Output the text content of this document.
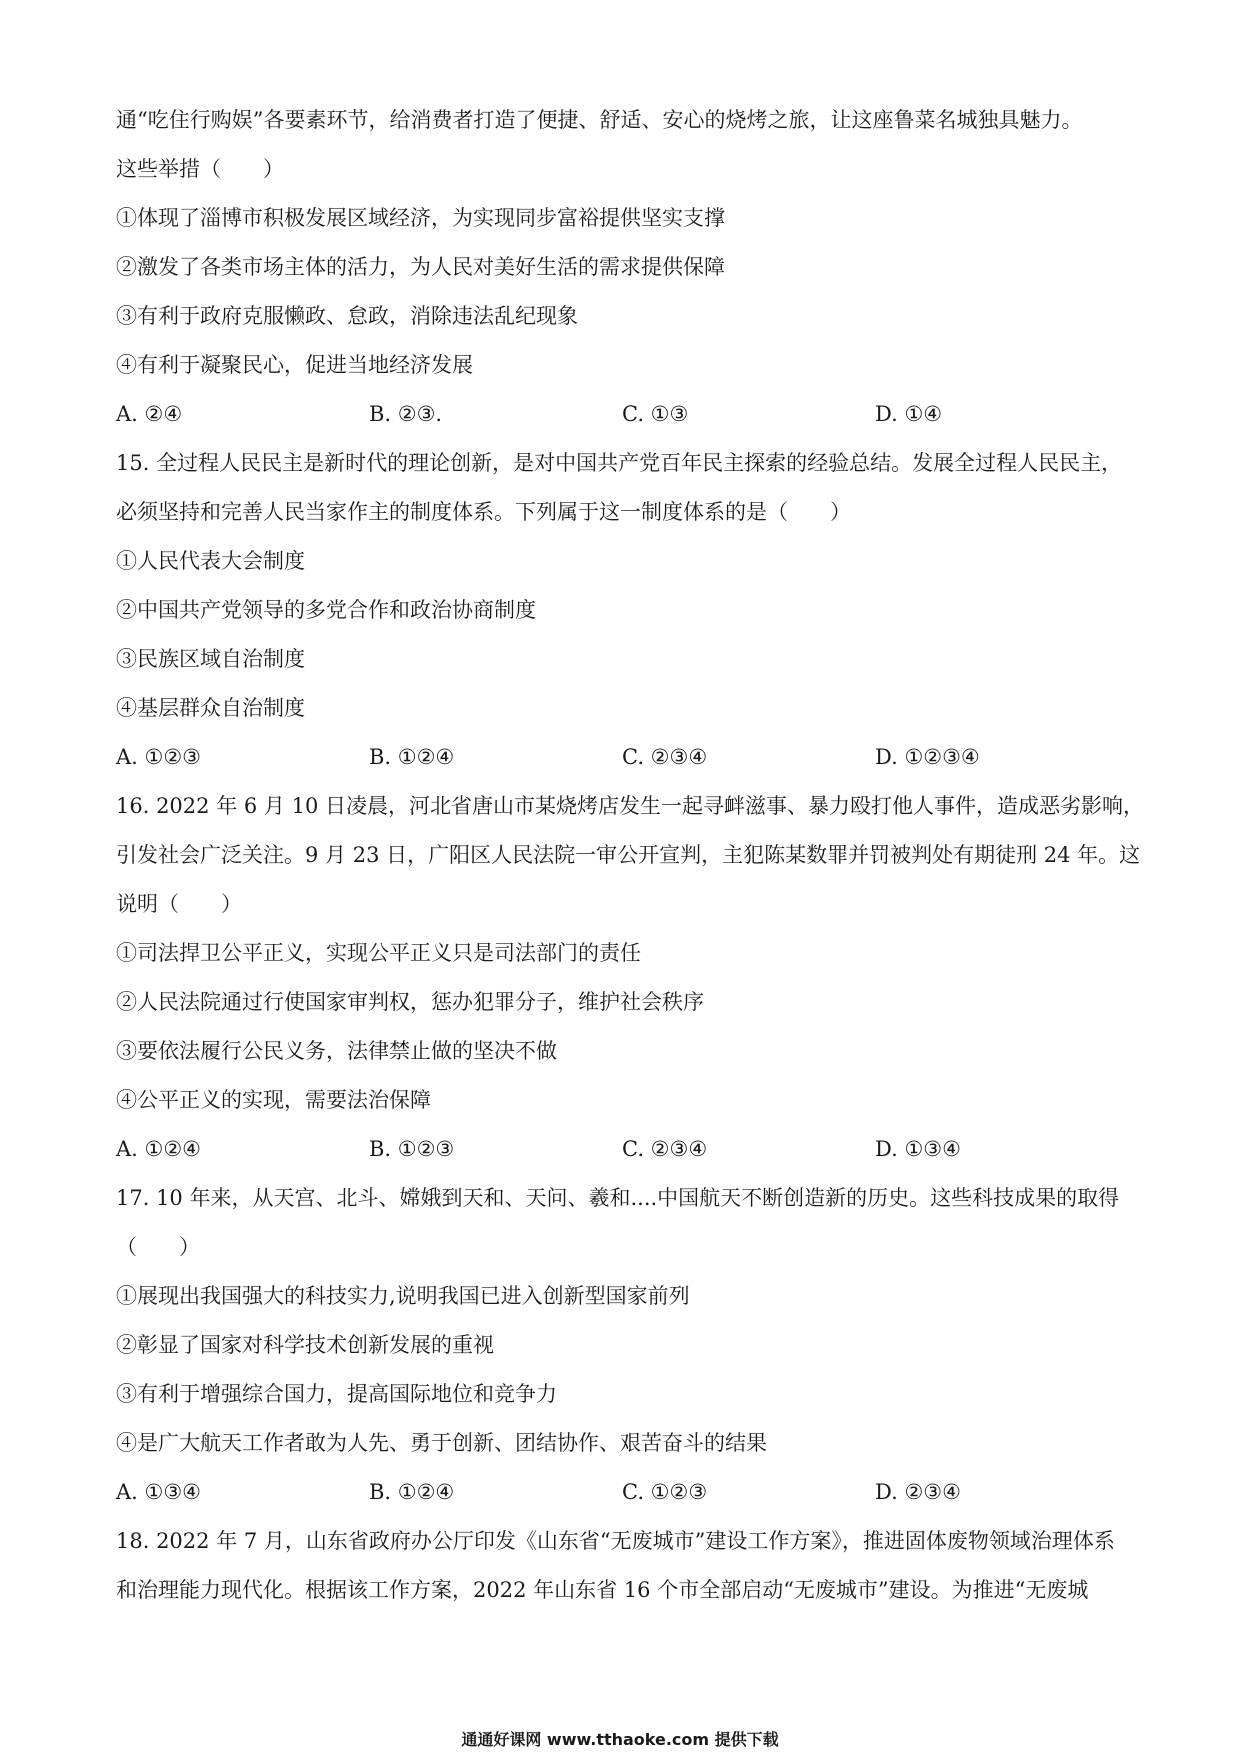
通“吃住行购娱”各要素环节，给消费者打造了便捷、舒适、安心的烧烤之旅，让这座鲁菜名城独具魅力。
这些举措（　　）
①体现了淄博市积极发展区域经济，为实现同步富裕提供坚实支撑
②激发了各类市场主体的活力，为人民对美好生活的需求提供保障
③有利于政府克服懒政、怠政，消除违法乱纪现象
④有利于凝聚民心，促进当地经济发展
A. ②④	B. ②③.	C. ①③	D. ①④
15. 全过程人民民主是新时代的理论创新，是对中国共产党百年民主探索的经验总结。发展全过程人民民主，
必须坚持和完善人民当家作主的制度体系。下列属于这一制度体系的是（　　）
①人民代表大会制度
②中国共产党领导的多党合作和政治协商制度
③民族区域自治制度
④基层群众自治制度
A. ①②③	B. ①②④	C. ②③④	D. ①②③④
16. 2022 年 6 月 10 日凌晨，河北省唐山市某烧烤店发生一起寻衅滋事、暴力殴打他人事件，造成恶劣影响，
引发社会广泛关注。9 月 23 日，广阳区人民法院一审公开宣判，主犯陈某数罪并罚被判处有期徒刑 24 年。这
说明（　　）
①司法捍卫公平正义，实现公平正义只是司法部门的责任
②人民法院通过行使国家审判权，惩办犯罪分子，维护社会秩序
③要依法履行公民义务，法律禁止做的坚决不做
④公平正义的实现，需要法治保障
A. ①②④	B. ①②③	C. ②③④	D. ①③④
17. 10 年来，从天宫、北斗、嫦娥到天和、天问、羲和....中国航天不断创造新的历史。这些科技成果的取得
（　　）
①展现出我国强大的科技实力,说明我国已进入创新型国家前列
②彰显了国家对科学技术创新发展的重视
③有利于增强综合国力，提高国际地位和竞争力
④是广大航天工作者敢为人先、勇于创新、团结协作、艰苦奋斗的结果
A. ①③④	B. ①②④	C. ①②③	D. ②③④
18. 2022 年 7 月，山东省政府办公厅印发《山东省“无废城市”建设工作方案》，推进固体废物领域治理体系
和治理能力现代化。根据该工作方案，2022 年山东省 16 个市全部启动“无废城市”建设。为推进“无废城
通通好课网 www.tthaoke.com 提供下载
